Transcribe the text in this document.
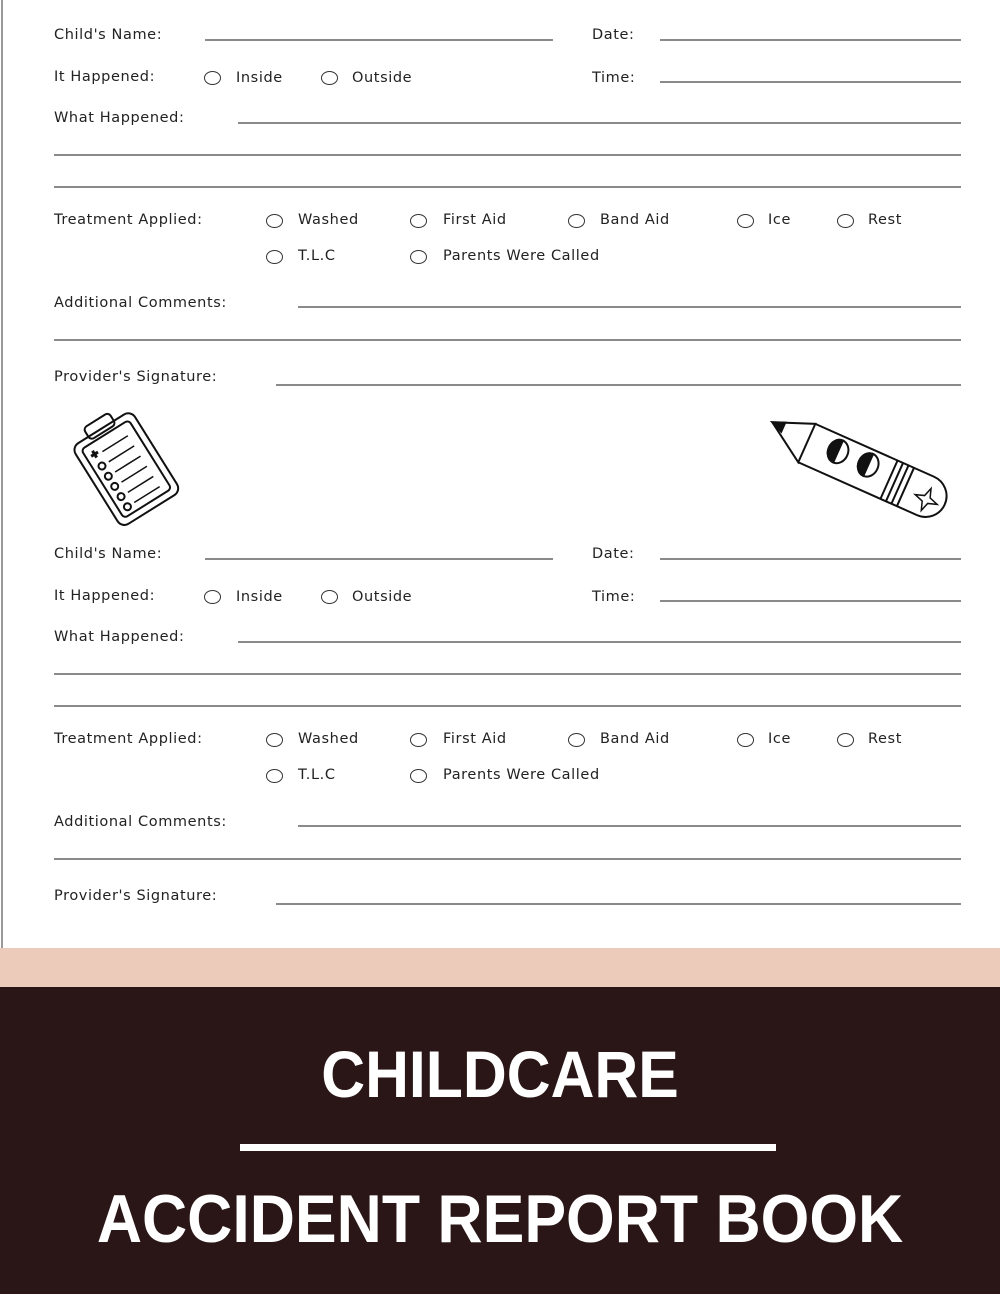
Child's Name:	Date:
It Happened:	Inside	Outside	Time:
What Happened:
Treatment Applied:	Washed	First Aid	Band Aid	Ice	Rest
T.L.C	Parents Were Called
Additional Comments:
Provider's Signature:
Child's Name:	Date:
It Happened:	Inside	Outside	Time:
What Happened:
Treatment Applied:	Washed	First Aid	Band Aid	Ice	Rest
T.L.C	Parents Were Called
Additional Comments:
Provider's Signature:
CHILDCARE
ACCIDENT REPORT BOOK
